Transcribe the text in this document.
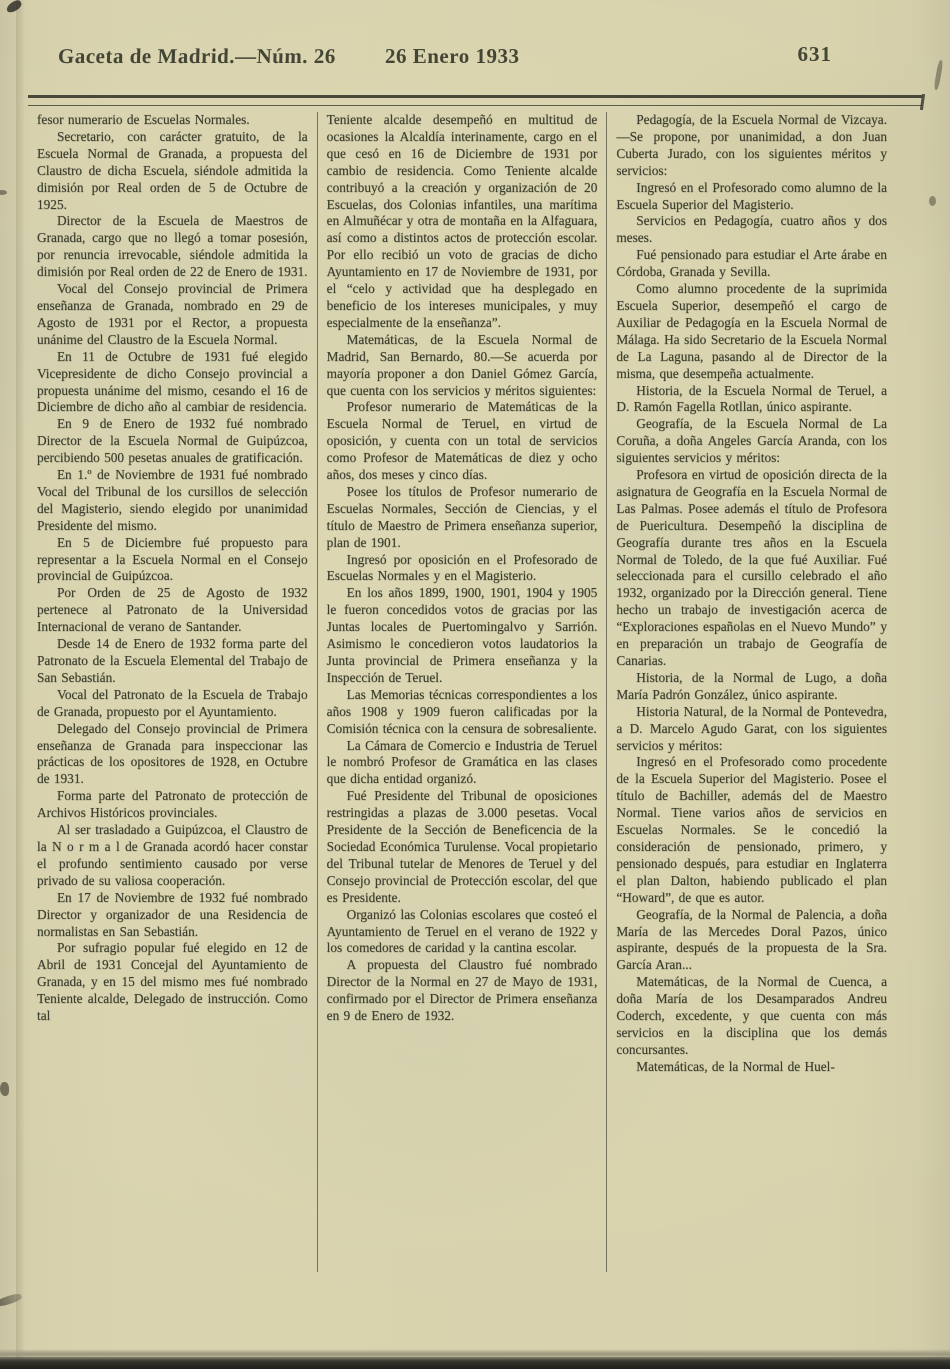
Gaceta de Madrid.—Núm. 26 26 Enero 1933	631

fesor numerario de Escuelas Normales.

Secretario, con carácter gratuito, de la Escuela Normal de Granada, a propuesta del Claustro de dicha Escuela, siéndole admitida la dimisión por Real orden de 5 de Octubre de 1925.

Director de la Escuela de Maestros de Granada, cargo que no llegó a tomar posesión, por renuncia irrevocable, siéndole admitida la dimisión por Real orden de 22 de Enero de 1931.

Vocal del Consejo provincial de Primera enseñanza de Granada, nombrado en 29 de Agosto de 1931 por el Rector, a propuesta unánime del Claustro de la Escuela Normal.

En 11 de Octubre de 1931 fué elegido Vicepresidente de dicho Consejo provincial a propuesta unánime del mismo, cesando el 16 de Diciembre de dicho año al cambiar de residencia.

En 9 de Enero de 1932 fué nombrado Director de la Escuela Normal de Guipúzcoa, percibiendo 500 pesetas anuales de gratificación.

En 1.º de Noviembre de 1931 fué nombrado Vocal del Tribunal de los cursillos de selección del Magisterio, siendo elegido por unanimidad Presidente del mismo.

En 5 de Diciembre fué propuesto para representar a la Escuela Normal en el Consejo provincial de Guipúzcoa.

Por Orden de 25 de Agosto de 1932 pertenece al Patronato de la Universidad Internacional de verano de Santander.

Desde 14 de Enero de 1932 forma parte del Patronato de la Escuela Elemental del Trabajo de San Sebastián.

Vocal del Patronato de la Escuela de Trabajo de Granada, propuesto por el Ayuntamiento.

Delegado del Consejo provincial de Primera enseñanza de Granada para inspeccionar las prácticas de los opositores de 1928, en Octubre de 1931.

Forma parte del Patronato de protección de Archivos Históricos provinciales.

Al ser trasladado a Guipúzcoa, el Claustro de la N o r m a l de Granada acordó hacer constar el profundo sentimiento causado por verse privado de su valiosa cooperación.

En 17 de Noviembre de 1932 fué nombrado Director y organizador de una Residencia de normalistas en San Sebastián.

Por sufragio popular fué elegido en 12 de Abril de 1931 Concejal del Ayuntamiento de Granada, y en 15 del mismo mes fué nombrado Teniente alcalde, Delegado de instrucción. Como tal

Teniente alcalde desempeñó en multitud de ocasiones la Alcaldía interinamente, cargo en el que cesó en 16 de Diciembre de 1931 por cambio de residencia. Como Teniente alcalde contribuyó a la creación y organización de 20 Escuelas, dos Colonias infantiles, una marítima en Almuñécar y otra de montaña en la Alfaguara, así como a distintos actos de protección escolar. Por ello recibió un voto de gracias de dicho Ayuntamiento en 17 de Noviembre de 1931, por el “celo y actividad que ha desplegado en beneficio de los intereses municipales, y muy especialmente de la enseñanza”.

Matemáticas, de la Escuela Normal de Madrid, San Bernardo, 80.—Se acuerda por mayoría proponer a don Daniel Gómez García, que cuenta con los servicios y méritos siguientes:

Profesor numerario de Matemáticas de la Escuela Normal de Teruel, en virtud de oposición, y cuenta con un total de servicios como Profesor de Matemáticas de diez y ocho años, dos meses y cinco días.

Posee los títulos de Profesor numerario de Escuelas Normales, Sección de Ciencias, y el título de Maestro de Primera enseñanza superior, plan de 1901.

Ingresó por oposición en el Profesorado de Escuelas Normales y en el Magisterio.

En los años 1899, 1900, 1901, 1904 y 1905 le fueron concedidos votos de gracias por las Juntas locales de Puertomingalvo y Sarrión. Asimismo le concedieron votos laudatorios la Junta provincial de Primera enseñanza y la Inspección de Teruel.

Las Memorias técnicas correspondientes a los años 1908 y 1909 fueron calificadas por la Comisión técnica con la censura de sobresaliente.

La Cámara de Comercio e Industria de Teruel le nombró Profesor de Gramática en las clases que dicha entidad organizó.

Fué Presidente del Tribunal de oposiciones restringidas a plazas de 3.000 pesetas. Vocal Presidente de la Sección de Beneficencia de la Sociedad Económica Turulense. Vocal propietario del Tribunal tutelar de Menores de Teruel y del Consejo provincial de Protección escolar, del que es Presidente.

Organizó las Colonias escolares que costeó el Ayuntamiento de Teruel en el verano de 1922 y los comedores de caridad y la cantina escolar.

A propuesta del Claustro fué nombrado Director de la Normal en 27 de Mayo de 1931, confirmado por el Director de Primera enseñanza en 9 de Enero de 1932.

Pedagogía, de la Escuela Normal de Vizcaya.—Se propone, por unanimidad, a don Juan Cuberta Jurado, con los siguientes méritos y servicios:

Ingresó en el Profesorado como alumno de la Escuela Superior del Magisterio.

Servicios en Pedagogía, cuatro años y dos meses.

Fué pensionado para estudiar el Arte árabe en Córdoba, Granada y Sevilla.

Como alumno procedente de la suprimida Escuela Superior, desempeñó el cargo de Auxiliar de Pedagogía en la Escuela Normal de Málaga. Ha sido Secretario de la Escuela Normal de La Laguna, pasando al de Director de la misma, que desempeña actualmente.

Historia, de la Escuela Normal de Teruel, a D. Ramón Fagella Rotllan, único aspirante.

Geografía, de la Escuela Normal de La Coruña, a doña Angeles García Aranda, con los siguientes servicios y méritos:

Profesora en virtud de oposición directa de la asignatura de Geografía en la Escuela Normal de Las Palmas. Posee además el título de Profesora de Puericultura. Desempeñó la disciplina de Geografía durante tres años en la Escuela Normal de Toledo, de la que fué Auxiliar. Fué seleccionada para el cursillo celebrado el año 1932, organizado por la Dirección general. Tiene hecho un trabajo de investigación acerca de “Exploraciones españolas en el Nuevo Mundo” y en preparación un trabajo de Geografía de Canarias.

Historia, de la Normal de Lugo, a doña María Padrón González, único aspirante.

Historia Natural, de la Normal de Pontevedra, a D. Marcelo Agudo Garat, con los siguientes servicios y méritos:

Ingresó en el Profesorado como procedente de la Escuela Superior del Magisterio. Posee el título de Bachiller, además del de Maestro Normal. Tiene varios años de servicios en Escuelas Normales. Se le concedió la consideración de pensionado, primero, y pensionado después, para estudiar en Inglaterra el plan Dalton, habiendo publicado el plan “Howard”, de que es autor.

Geografía, de la Normal de Palencia, a doña María de las Mercedes Doral Pazos, único aspirante, después de la propuesta de la Sra. García Aran...

Matemáticas, de la Normal de Cuenca, a doña María de los Desamparados Andreu Coderch, excedente, y que cuenta con más servicios en la disciplina que los demás concursantes.

Matemáticas, de la Normal de Huel-
